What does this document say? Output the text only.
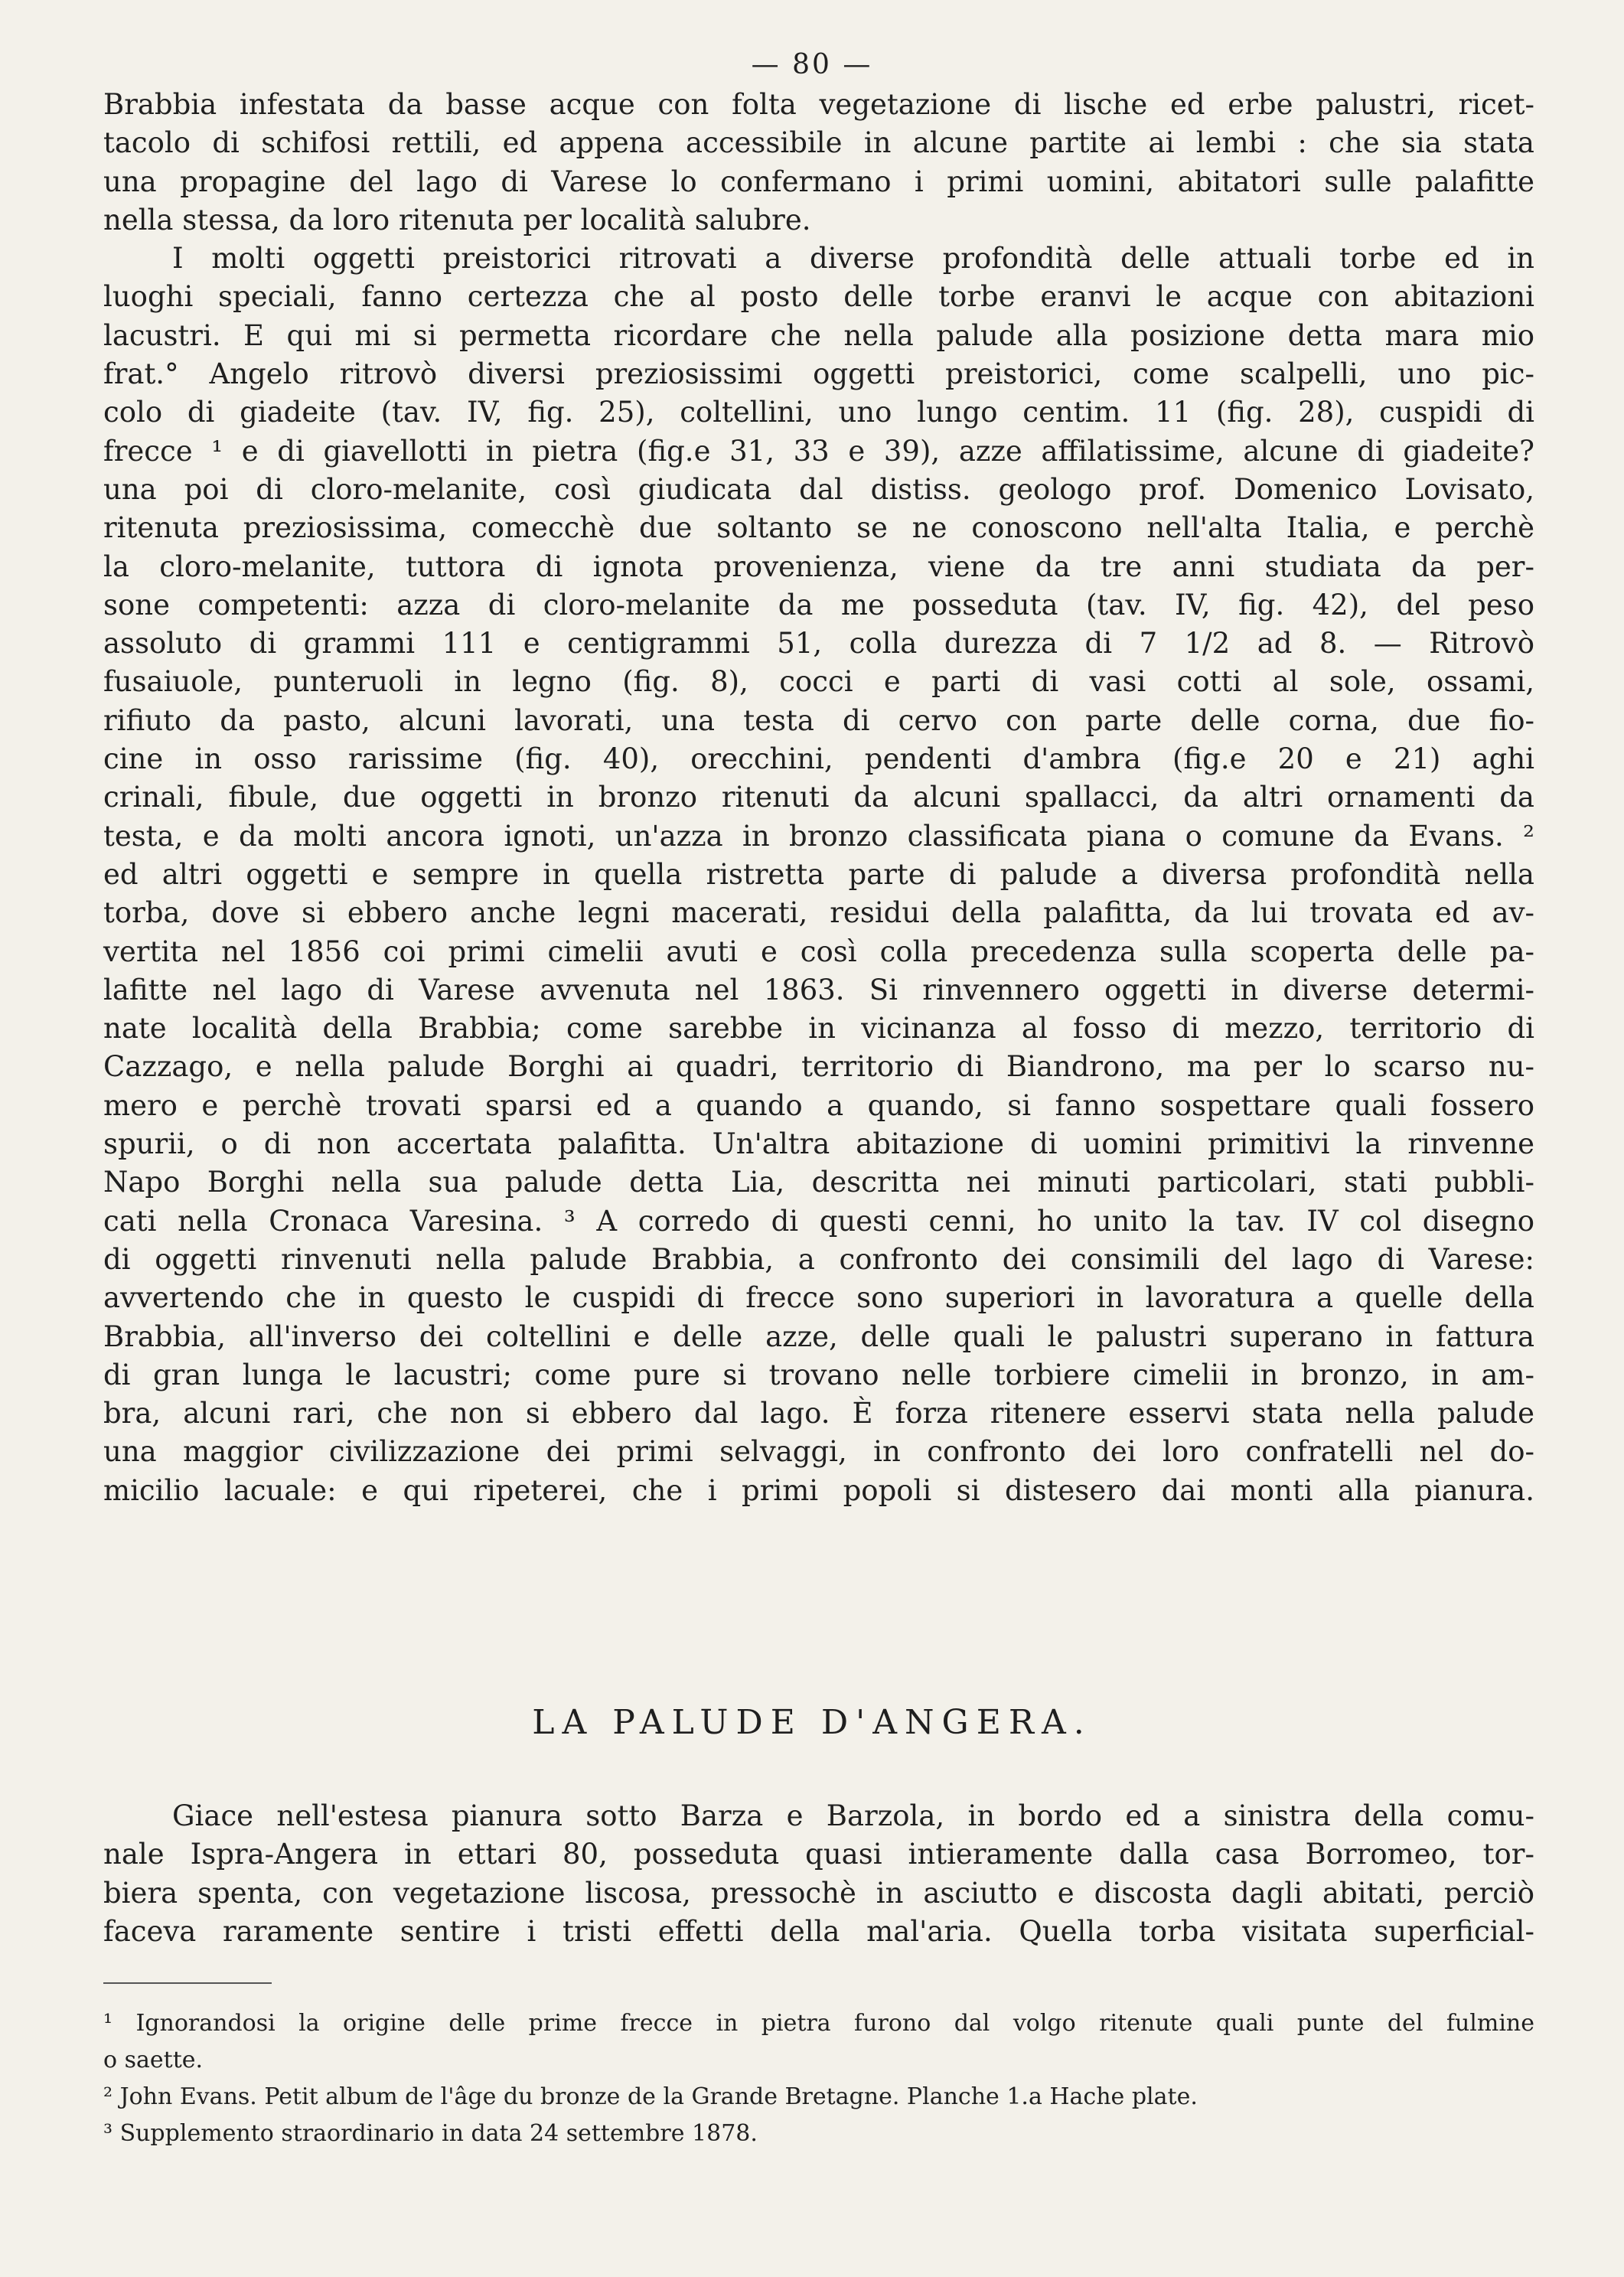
— 80 —
Brabbia infestata da basse acque con folta vegetazione di lische ed erbe palustri, ricet-
tacolo di schifosi rettili, ed appena accessibile in alcune partite ai lembi : che sia stata
una propagine del lago di Varese lo confermano i primi uomini, abitatori sulle palafitte
nella stessa, da loro ritenuta per località salubre.
I molti oggetti preistorici ritrovati a diverse profondità delle attuali torbe ed in
luoghi speciali, fanno certezza che al posto delle torbe eranvi le acque con abitazioni
lacustri. E qui mi si permetta ricordare che nella palude alla posizione detta mara mio
frat.° Angelo ritrovò diversi preziosissimi oggetti preistorici, come scalpelli, uno pic-
colo di giadeite (tav. IV, fig. 25), coltellini, uno lungo centim. 11 (fig. 28), cuspidi di
frecce ¹ e di giavellotti in pietra (fig.e 31, 33 e 39), azze affilatissime, alcune di giadeite?
una poi di cloro-melanite, così giudicata dal distiss. geologo prof. Domenico Lovisato,
ritenuta preziosissima, comecchè due soltanto se ne conoscono nell'alta Italia, e perchè
la cloro-melanite, tuttora di ignota provenienza, viene da tre anni studiata da per-
sone competenti: azza di cloro-melanite da me posseduta (tav. IV, fig. 42), del peso
assoluto di grammi 111 e centigrammi 51, colla durezza di 7 1/2 ad 8. — Ritrovò
fusaiuole, punteruoli in legno (fig. 8), cocci e parti di vasi cotti al sole, ossami,
rifiuto da pasto, alcuni lavorati, una testa di cervo con parte delle corna, due fio-
cine in osso rarissime (fig. 40), orecchini, pendenti d'ambra (fig.e 20 e 21) aghi
crinali, fibule, due oggetti in bronzo ritenuti da alcuni spallacci, da altri ornamenti da
testa, e da molti ancora ignoti, un'azza in bronzo classificata piana o comune da Evans. ²
ed altri oggetti e sempre in quella ristretta parte di palude a diversa profondità nella
torba, dove si ebbero anche legni macerati, residui della palafitta, da lui trovata ed av-
vertita nel 1856 coi primi cimelii avuti e così colla precedenza sulla scoperta delle pa-
lafitte nel lago di Varese avvenuta nel 1863. Si rinvennero oggetti in diverse determi-
nate località della Brabbia; come sarebbe in vicinanza al fosso di mezzo, territorio di
Cazzago, e nella palude Borghi ai quadri, territorio di Biandrono, ma per lo scarso nu-
mero e perchè trovati sparsi ed a quando a quando, si fanno sospettare quali fossero
spurii, o di non accertata palafitta. Un'altra abitazione di uomini primitivi la rinvenne
Napo Borghi nella sua palude detta Lia, descritta nei minuti particolari, stati pubbli-
cati nella Cronaca Varesina. ³ A corredo di questi cenni, ho unito la tav. IV col disegno
di oggetti rinvenuti nella palude Brabbia, a confronto dei consimili del lago di Varese:
avvertendo che in questo le cuspidi di frecce sono superiori in lavoratura a quelle della
Brabbia, all'inverso dei coltellini e delle azze, delle quali le palustri superano in fattura
di gran lunga le lacustri; come pure si trovano nelle torbiere cimelii in bronzo, in am-
bra, alcuni rari, che non si ebbero dal lago. È forza ritenere esservi stata nella palude
una maggior civilizzazione dei primi selvaggi, in confronto dei loro confratelli nel do-
micilio lacuale: e qui ripeterei, che i primi popoli si distesero dai monti alla pianura.
LA PALUDE D'ANGERA.
Giace nell'estesa pianura sotto Barza e Barzola, in bordo ed a sinistra della comu-
nale Ispra-Angera in ettari 80, posseduta quasi intieramente dalla casa Borromeo, tor-
biera spenta, con vegetazione liscosa, pressochè in asciutto e discosta dagli abitati, perciò
faceva raramente sentire i tristi effetti della mal'aria. Quella torba visitata superficial-
¹ Ignorandosi la origine delle prime frecce in pietra furono dal volgo ritenute quali punte del fulmine
o saette.
² John Evans. Petit album de l'âge du bronze de la Grande Bretagne. Planche 1.a Hache plate.
³ Supplemento straordinario in data 24 settembre 1878.
